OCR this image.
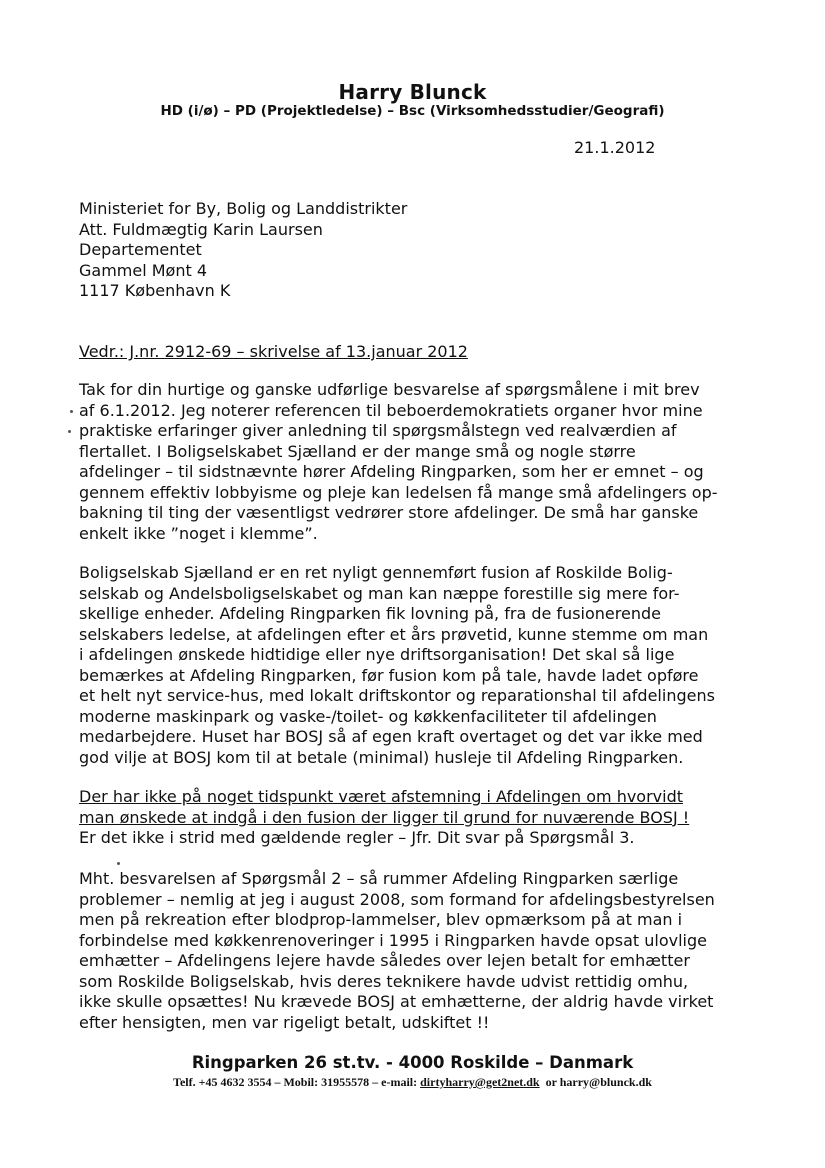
Harry Blunck
HD (i/ø) – PD (Projektledelse) – Bsc (Virksomhedsstudier/Geografi)
21.1.2012
Ministeriet for By, Bolig og Landdistrikter
Att. Fuldmægtig Karin Laursen
Departementet
Gammel Mønt 4
1117 København K
Vedr.: J.nr. 2912-69 – skrivelse af 13.januar 2012
Tak for din hurtige og ganske udførlige besvarelse af spørgsmålene i mit brev
af 6.1.2012. Jeg noterer referencen til beboerdemokratiets organer hvor mine
praktiske erfaringer giver anledning til spørgsmålstegn ved realværdien af
flertallet. I Boligselskabet Sjælland er der mange små og nogle større
afdelinger – til sidstnævnte hører Afdeling Ringparken, som her er emnet – og
gennem effektiv lobbyisme og pleje kan ledelsen få mange små afdelingers op-
bakning til ting der væsentligst vedrører store afdelinger. De små har ganske
enkelt ikke ”noget i klemme”.
Boligselskab Sjælland er en ret nyligt gennemført fusion af Roskilde Bolig-
selskab og Andelsboligselskabet og man kan næppe forestille sig mere for-
skellige enheder. Afdeling Ringparken fik lovning på, fra de fusionerende
selskabers ledelse, at afdelingen efter et års prøvetid, kunne stemme om man
i afdelingen ønskede hidtidige eller nye driftsorganisation! Det skal så lige
bemærkes at Afdeling Ringparken, før fusion kom på tale, havde ladet opføre
et helt nyt service-hus, med lokalt driftskontor og reparationshal til afdelingens
moderne maskinpark og vaske-/toilet- og køkkenfaciliteter til afdelingen
medarbejdere. Huset har BOSJ så af egen kraft overtaget og det var ikke med
god vilje at BOSJ kom til at betale (minimal) husleje til Afdeling Ringparken.
Der har ikke på noget tidspunkt været afstemning i Afdelingen om hvorvidt
man ønskede at indgå i den fusion der ligger til grund for nuværende BOSJ !
Er det ikke i strid med gældende regler – Jfr. Dit svar på Spørgsmål 3.
Mht. besvarelsen af Spørgsmål 2 – så rummer Afdeling Ringparken særlige
problemer – nemlig at jeg i august 2008, som formand for afdelingsbestyrelsen
men på rekreation efter blodprop-lammelser, blev opmærksom på at man i
forbindelse med køkkenrenoveringer i 1995 i Ringparken havde opsat ulovlige
emhætter – Afdelingens lejere havde således over lejen betalt for emhætter
som Roskilde Boligselskab, hvis deres teknikere havde udvist rettidig omhu,
ikke skulle opsættes! Nu krævede BOSJ at emhætterne, der aldrig havde virket
efter hensigten, men var rigeligt betalt, udskiftet !!
Ringparken 26 st.tv. - 4000 Roskilde – Danmark
Telf. +45 4632 3554 – Mobil: 31955578 – e-mail: dirtyharry@get2net.dk  or harry@blunck.dk
